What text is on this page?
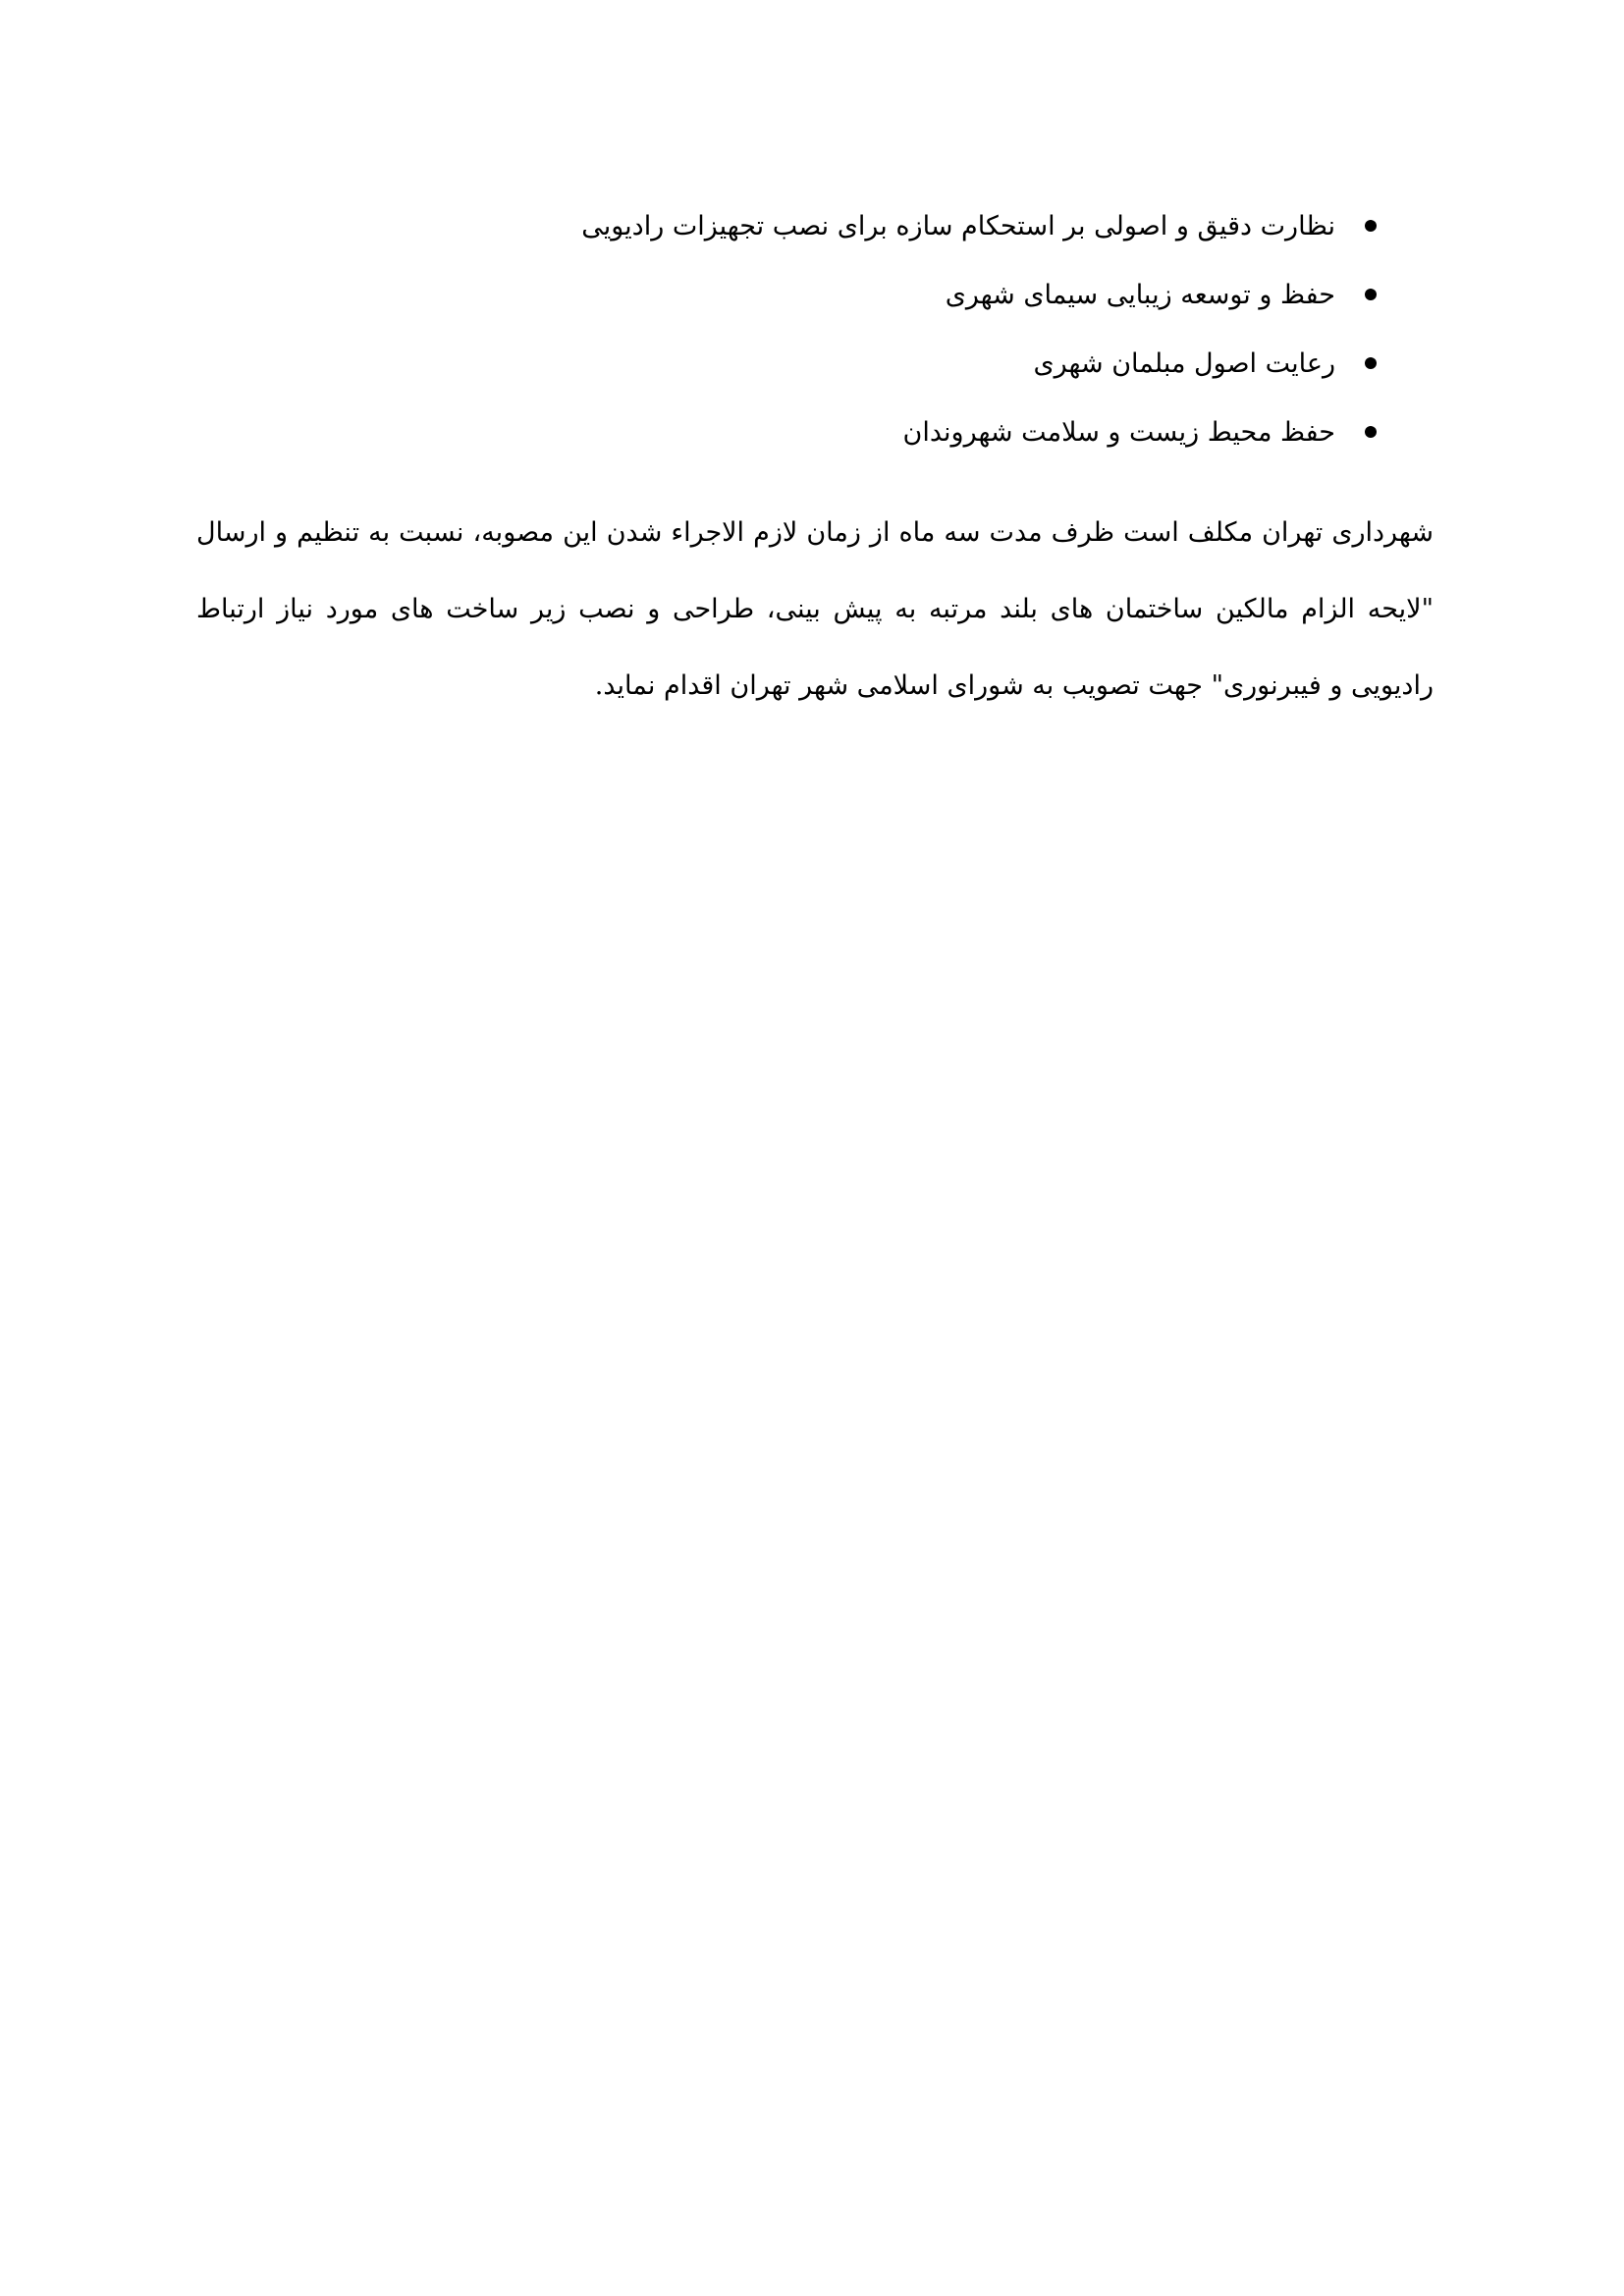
نظارت دقیق و اصولی بر استحکام سازه برای نصب تجهیزات رادیویی
حفظ و توسعه زیبایی سیمای شهری
رعایت اصول مبلمان شهری
حفظ محیط زیست و سلامت شهروندان
شهرداری تهران مکلف است ظرف مدت سه ماه از زمان لازم الاجراء شدن این مصوبه، نسبت به تنظیم و ارسال
"لایحه الزام مالکین ساختمان های بلند مرتبه به پیش بینی، طراحی و نصب زیر ساخت های مورد نیاز ارتباط
رادیویی و فیبرنوری" جهت تصویب به شورای اسلامی شهر تهران اقدام نماید.
